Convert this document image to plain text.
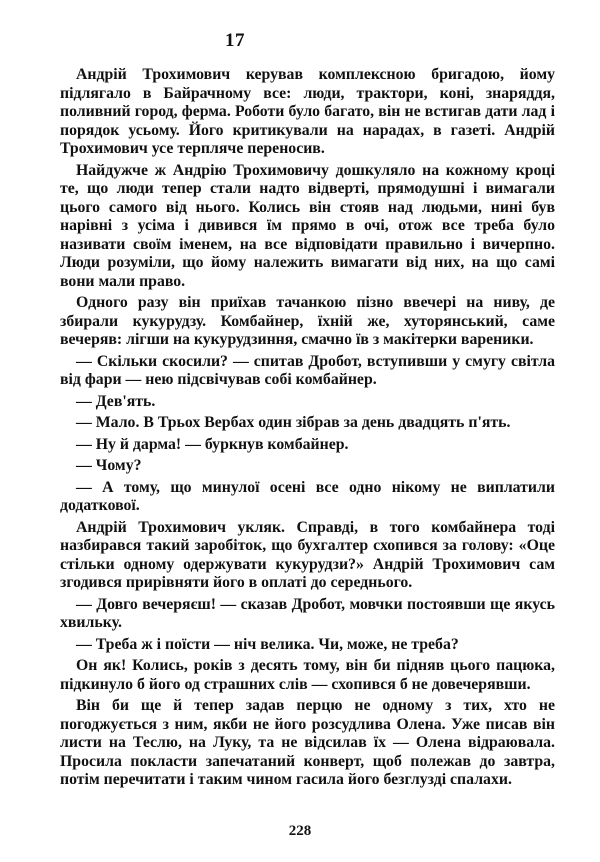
17

Андрій Трохимович керував комплексною бригадою, йому підлягало в Байрачному все: люди, трактори, коні, знаряддя, поливний город, ферма. Роботи було багато, він не встигав дати лад і порядок усьому. Його критикували на нарадах, в газеті. Андрій Трохимович усе терпляче переносив.

Найдужче ж Андрію Трохимовичу дошкуляло на кожному кроці те, що люди тепер стали надто відверті, прямодушні і вимагали цього самого від нього. Колись він стояв над людьми, нині був нарівні з усіма і дивився їм прямо в очі, отож все треба було називати своїм іменем, на все відповідати правильно і вичерпно. Люди розуміли, що йому належить вимагати від них, на що самі вони мали право.

Одного разу він приїхав тачанкою пізно ввечері на ниву, де збирали кукурудзу. Комбайнер, їхній же, хуторянський, саме вечеряв: лігши на кукурудзиння, смачно їв з макітерки вареники.

— Скільки скосили? — спитав Дробот, вступивши у смугу світла від фари — нею підсвічував собі комбайнер.

— Дев'ять.

— Мало. В Трьох Вербах один зібрав за день двадцять п'ять.

— Ну й дарма! — буркнув комбайнер.

— Чому?

— А тому, що минулої осені все одно нікому не виплатили додаткової.

Андрій Трохимович укляк. Справді, в того комбайнера тоді назбирався такий заробіток, що бухгалтер схопився за голову: «Оце стільки одному одержувати кукурудзи?» Андрій Трохимович сам згодився прирівняти його в оплаті до середнього.

— Довго вечеряєш! — сказав Дробот, мовчки постоявши ще якусь хвильку.

— Треба ж і поїсти — ніч велика. Чи, може, не треба?

Он як! Колись, років з десять тому, він би підняв цього пацюка, підкинуло б його од страшних слів — схопився б не довечерявши.

Він би ще й тепер задав перцю не одному з тих, хто не погоджується з ним, якби не його розсудлива Олена. Уже писав він листи на Теслю, на Луку, та не відсилав їх — Олена відраювала. Просила покласти запечатаний конверт, щоб полежав до завтра, потім перечитати і таким чином гасила його безглузді спалахи.

228
